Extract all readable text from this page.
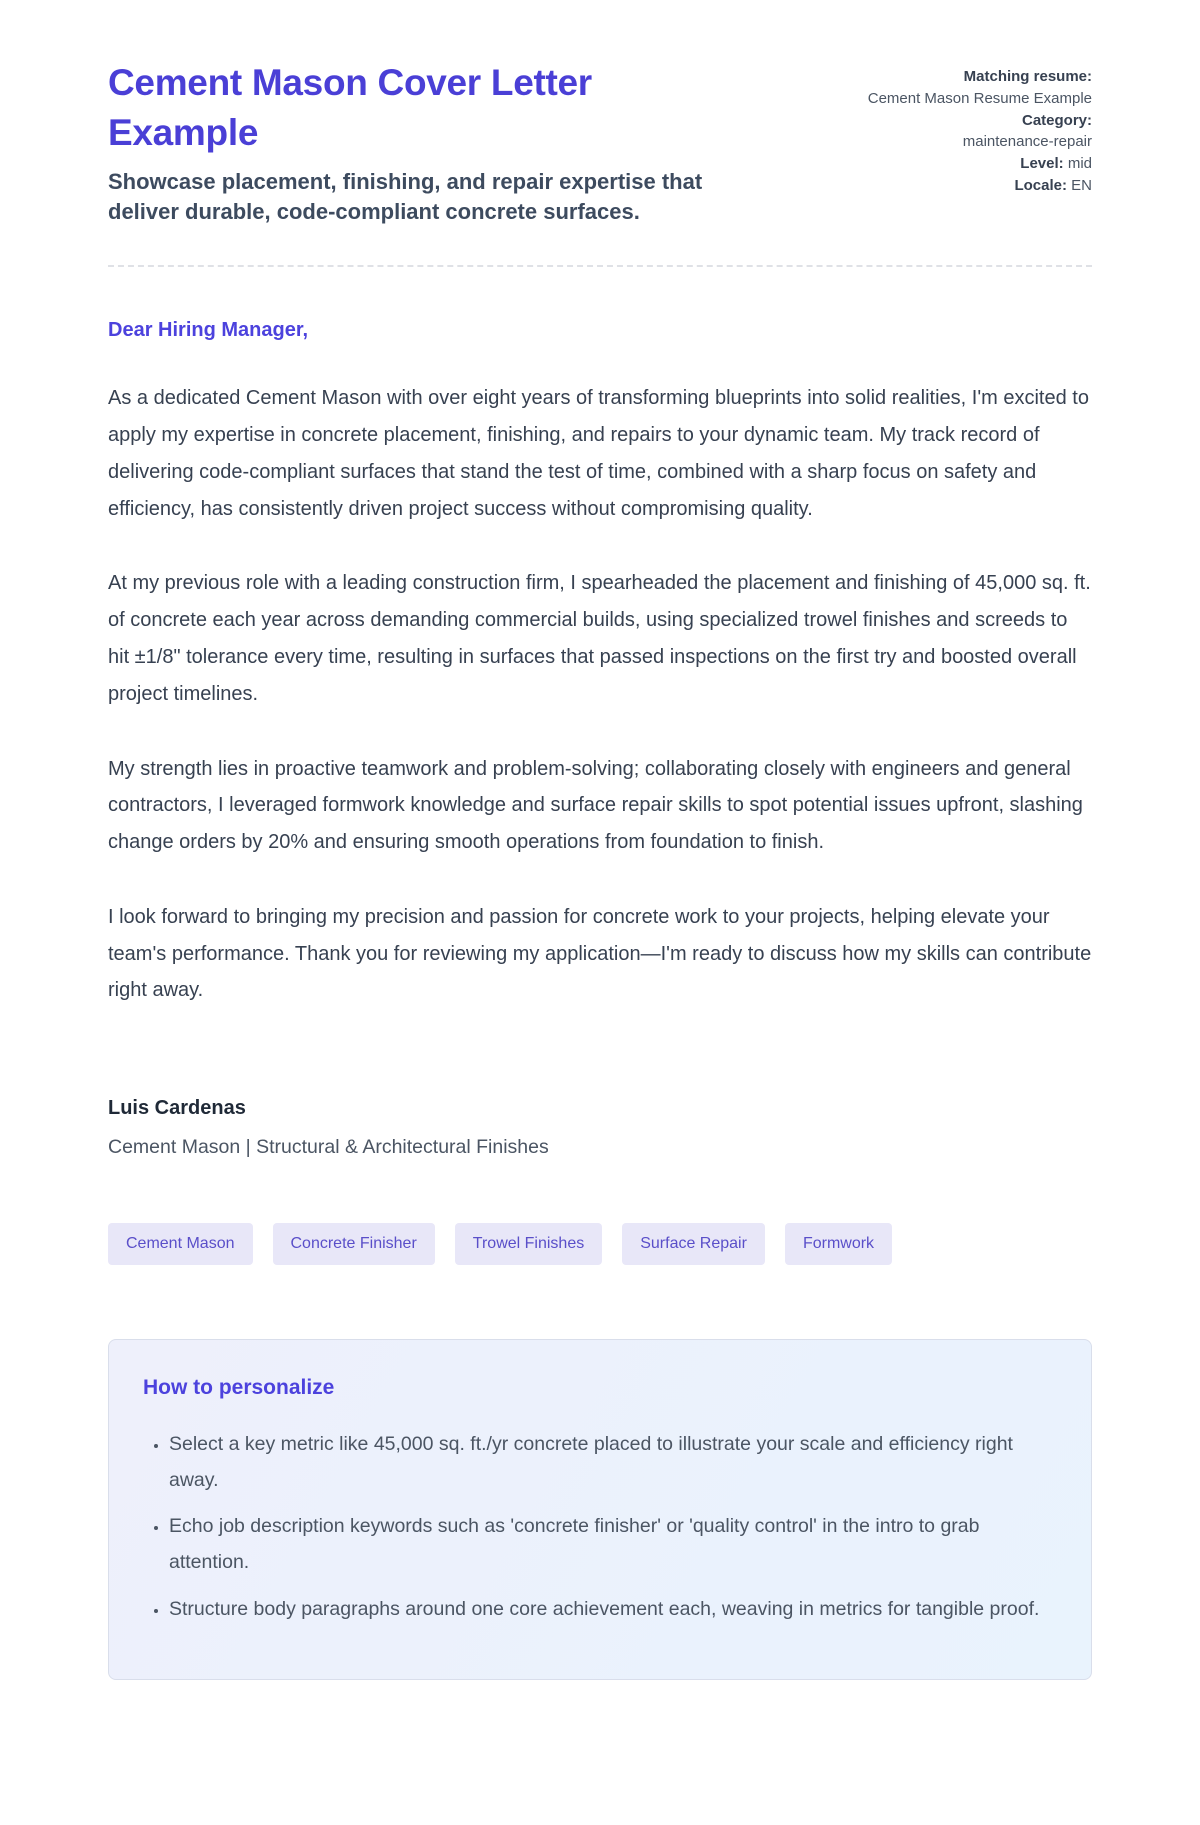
Cement Mason Cover Letter Example

Showcase placement, finishing, and repair expertise that deliver durable, code-compliant concrete surfaces.

Matching resume:
Cement Mason Resume Example
Category:
maintenance-repair
Level: mid
Locale: EN

Dear Hiring Manager,

As a dedicated Cement Mason with over eight years of transforming blueprints into solid realities, I'm excited to apply my expertise in concrete placement, finishing, and repairs to your dynamic team. My track record of delivering code-compliant surfaces that stand the test of time, combined with a sharp focus on safety and efficiency, has consistently driven project success without compromising quality.

At my previous role with a leading construction firm, I spearheaded the placement and finishing of 45,000 sq. ft. of concrete each year across demanding commercial builds, using specialized trowel finishes and screeds to hit ±1/8" tolerance every time, resulting in surfaces that passed inspections on the first try and boosted overall project timelines.

My strength lies in proactive teamwork and problem-solving; collaborating closely with engineers and general contractors, I leveraged formwork knowledge and surface repair skills to spot potential issues upfront, slashing change orders by 20% and ensuring smooth operations from foundation to finish.

I look forward to bringing my precision and passion for concrete work to your projects, helping elevate your team's performance. Thank you for reviewing my application—I'm ready to discuss how my skills can contribute right away.

Luis Cardenas

Cement Mason | Structural & Architectural Finishes

Cement Mason	Concrete Finisher	Trowel Finishes	Surface Repair	Formwork
How to personalize
• Select a key metric like 45,000 sq. ft./yr concrete placed to illustrate your scale and efficiency right away.
• Echo job description keywords such as 'concrete finisher' or 'quality control' in the intro to grab attention.
• Structure body paragraphs around one core achievement each, weaving in metrics for tangible proof.
